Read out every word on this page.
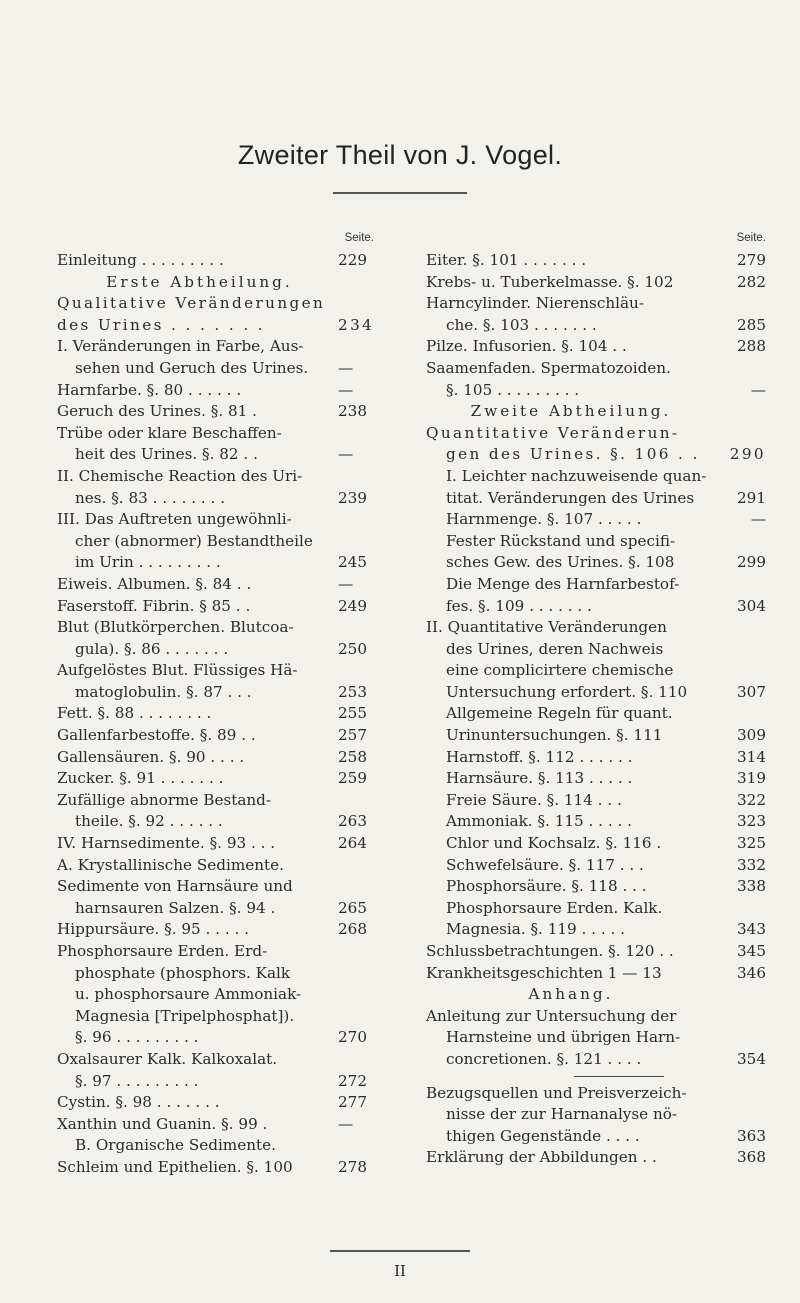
Zweiter Theil von J. Vogel.
Seite.
Einleitung . . . . . . . . .	229
Erste Abtheilung.
Qualitative Veränderungen
des Urines . . . . . . .	234
I. Veränderungen in Farbe, Aus-
sehen und Geruch des Urines. —
Harnfarbe. §. 80 . . . . . .	—
Geruch des Urines. §. 81 .	238
Trübe oder klare Beschaffen-
heit des Urines. §. 82 . .	—
II. Chemische Reaction des Uri-
nes. §. 83 . . . . . . . .	239
III. Das Auftreten ungewöhnli-
cher (abnormer) Bestandtheile
im Urin . . . . . . . . .	245
Eiweis. Albumen. §. 84 . .	—
Faserstoff. Fibrin. § 85 . .	249
Blut (Blutkörperchen. Blutcoa-
gula). §. 86 . . . . . . .	250
Aufgelöstes Blut. Flüssiges Hä-
matoglobulin. §. 87 . . .	253
Fett. §. 88 . . . . . . . .	255
Gallenfarbestoffe. §. 89 . .	257
Gallensäuren. §. 90 . . . .	258
Zucker. §. 91 . . . . . . .	259
Zufällige abnorme Bestand-
theile. §. 92 . . . . . .	263
IV. Harnsedimente. §. 93 . . .	264
A. Krystallinische Sedimente.
Sedimente von Harnsäure und
harnsauren Salzen. §. 94 .	265
Hippursäure. §. 95 . . . . .	268
Phosphorsaure Erden. Erd-
phosphate (phosphors. Kalk
u. phosphorsaure Ammoniak-
Magnesia [Tripelphosphat]).
§. 96 . . . . . . . . .	270
Oxalsaurer Kalk. Kalkoxalat.
§. 97 . . . . . . . . .	272
Cystin. §. 98 . . . . . . .	277
Xanthin und Guanin. §. 99 .	—
B. Organische Sedimente.
Schleim und Epithelien. §. 100	278
Seite.
Eiter. §. 101 . . . . . . .	279
Krebs- u. Tuberkelmasse. §. 102	282
Harncylinder. Nierenschläu-
che. §. 103 . . . . . . .	285
Pilze. Infusorien. §. 104 . .	288
Saamenfaden. Spermatozoiden.
§. 105 . . . . . . . . .	—
Zweite Abtheilung.
Quantitative Veränderun-
gen des Urines. §. 106 . .	290
I. Leichter nachzuweisende quan-
titat. Veränderungen des Urines	291
Harnmenge. §. 107 . . . . .	—
Fester Rückstand und specifi-
sches Gew. des Urines. §. 108	299
Die Menge des Harnfarbestof-
fes. §. 109 . . . . . . .	304
II. Quantitative Veränderungen
des Urines, deren Nachweis
eine complicirtere chemische
Untersuchung erfordert. §. 110	307
Allgemeine Regeln für quant.
Urinuntersuchungen. §. 111	309
Harnstoff. §. 112 . . . . . .	314
Harnsäure. §. 113 . . . . .	319
Freie Säure. §. 114 . . .	322
Ammoniak. §. 115 . . . . .	323
Chlor und Kochsalz. §. 116 .	325
Schwefelsäure. §. 117 . . .	332
Phosphorsäure. §. 118 . . .	338
Phosphorsaure Erden. Kalk.
Magnesia. §. 119 . . . . .	343
Schlussbetrachtungen. §. 120 . .	345
Krankheitsgeschichten 1 — 13	346
Anhang.
Anleitung zur Untersuchung der
Harnsteine und übrigen Harn-
concretionen. §. 121 . . . .	354
Bezugsquellen und Preisverzeich-
nisse der zur Harnanalyse nö-
thigen Gegenstände . . . .	363
Erklärung der Abbildungen . .	368
II
